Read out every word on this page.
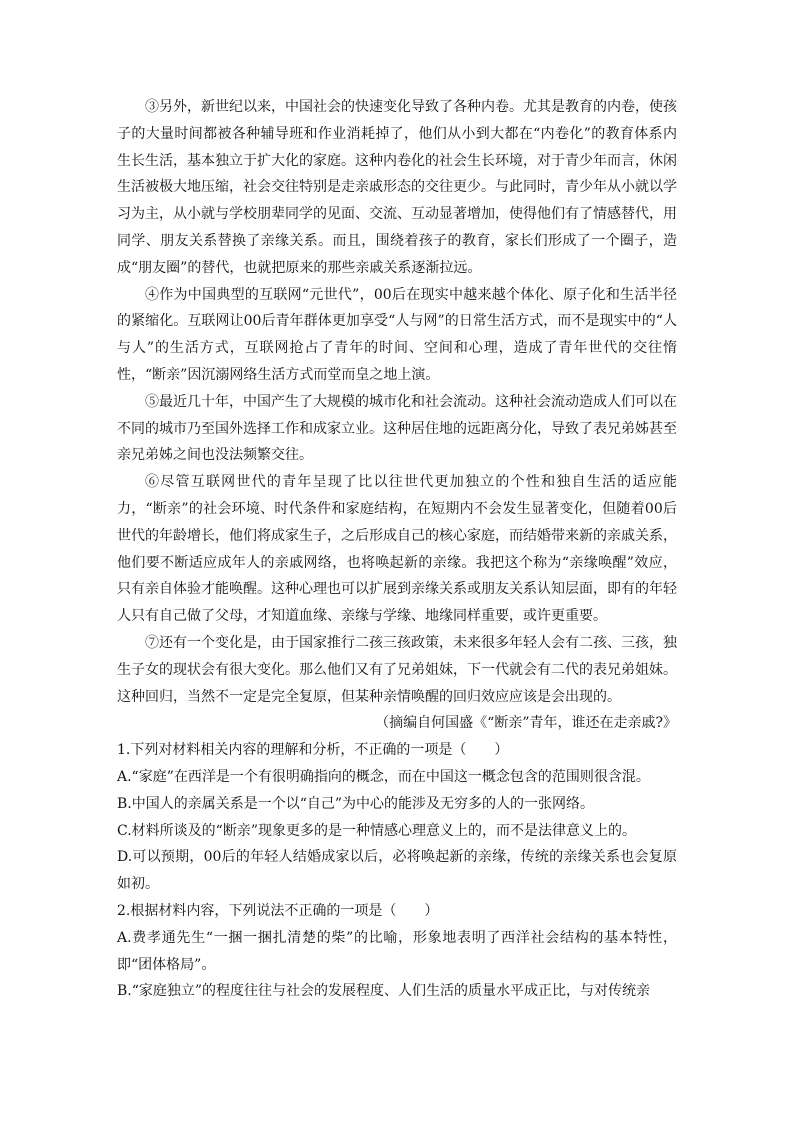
③另外，新世纪以来，中国社会的快速变化导致了各种内卷。尤其是教育的内卷，使孩子的大量时间都被各种辅导班和作业消耗掉了，他们从小到大都在“内卷化”的教育体系内生长生活，基本独立于扩大化的家庭。这种内卷化的社会生长环境，对于青少年而言，休闲生活被极大地压缩，社会交往特别是走亲戚形态的交往更少。与此同时，青少年从小就以学习为主，从小就与学校朋辈同学的见面、交流、互动显著增加，使得他们有了情感替代，用同学、朋友关系替换了亲缘关系。而且，围绕着孩子的教育，家长们形成了一个圈子，造成“朋友圈”的替代，也就把原来的那些亲戚关系逐渐拉远。

④作为中国典型的互联网“元世代”，00后在现实中越来越个体化、原子化和生活半径的紧缩化。互联网让00后青年群体更加享受“人与网”的日常生活方式，而不是现实中的“人与人”的生活方式，互联网抢占了青年的时间、空间和心理，造成了青年世代的交往惰性，“断亲”因沉溺网络生活方式而堂而皇之地上演。

⑤最近几十年，中国产生了大规模的城市化和社会流动。这种社会流动造成人们可以在不同的城市乃至国外选择工作和成家立业。这种居住地的远距离分化，导致了表兄弟姊甚至亲兄弟姊之间也没法频繁交往。

⑥尽管互联网世代的青年呈现了比以往世代更加独立的个性和独自生活的适应能力，“断亲”的社会环境、时代条件和家庭结构，在短期内不会发生显著变化，但随着00后世代的年龄增长，他们将成家生子，之后形成自己的核心家庭，而结婚带来新的亲戚关系，他们要不断适应成年人的亲戚网络，也将唤起新的亲缘。我把这个称为“亲缘唤醒”效应，只有亲自体验才能唤醒。这种心理也可以扩展到亲缘关系或朋友关系认知层面，即有的年轻人只有自己做了父母，才知道血缘、亲缘与学缘、地缘同样重要，或许更重要。

⑦还有一个变化是，由于国家推行二孩三孩政策，未来很多年轻人会有二孩、三孩，独生子女的现状会有很大变化。那么他们又有了兄弟姐妹，下一代就会有二代的表兄弟姐妹。这种回归，当然不一定是完全复原，但某种亲情唤醒的回归效应应该是会出现的。

（摘编自何国盛《“断亲”青年，谁还在走亲戚?》

1.下列对材料相关内容的理解和分析，不正确的一项是（　　）

A.“家庭”在西洋是一个有很明确指向的概念，而在中国这一概念包含的范围则很含混。

B.中国人的亲属关系是一个以“自己”为中心的能涉及无穷多的人的一张网络。

C.材料所谈及的“断亲”现象更多的是一种情感心理意义上的，而不是法律意义上的。

D.可以预期，00后的年轻人结婚成家以后，必将唤起新的亲缘，传统的亲缘关系也会复原如初。

2.根据材料内容，下列说法不正确的一项是（　　）

A.费孝通先生“一捆一捆扎清楚的柴”的比喻，形象地表明了西洋社会结构的基本特性，即“团体格局”。

B.“家庭独立”的程度往往与社会的发展程度、人们生活的质量水平成正比，与对传统亲
